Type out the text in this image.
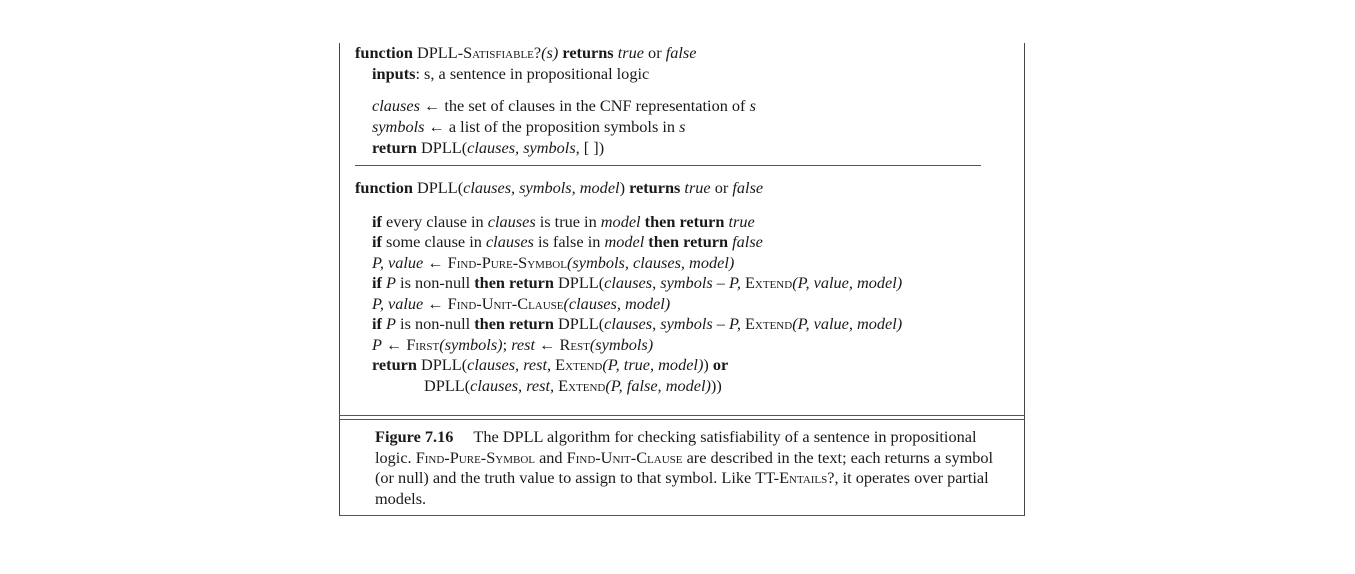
function DPLL-Satisfiable?(s) returns true or false
inputs: s, a sentence in propositional logic
clauses ← the set of clauses in the CNF representation of s
symbols ← a list of the proposition symbols in s
return DPLL(clauses, symbols, [ ])
function DPLL(clauses, symbols, model) returns true or false
if every clause in clauses is true in model then return true
if some clause in clauses is false in model then return false
P, value ← Find-Pure-Symbol(symbols, clauses, model)
if P is non-null then return DPLL(clauses, symbols – P, Extend(P, value, model)
P, value ← Find-Unit-Clause(clauses, model)
if P is non-null then return DPLL(clauses, symbols – P, Extend(P, value, model)
P ← First(symbols); rest ← Rest(symbols)
return DPLL(clauses, rest, Extend(P, true, model)) or
DPLL(clauses, rest, Extend(P, false, model)))
Figure 7.16 The DPLL algorithm for checking satisfiability of a sentence in propositional logic. Find-Pure-Symbol and Find-Unit-Clause are described in the text; each returns a symbol (or null) and the truth value to assign to that symbol. Like TT-Entails?, it operates over partial models.
